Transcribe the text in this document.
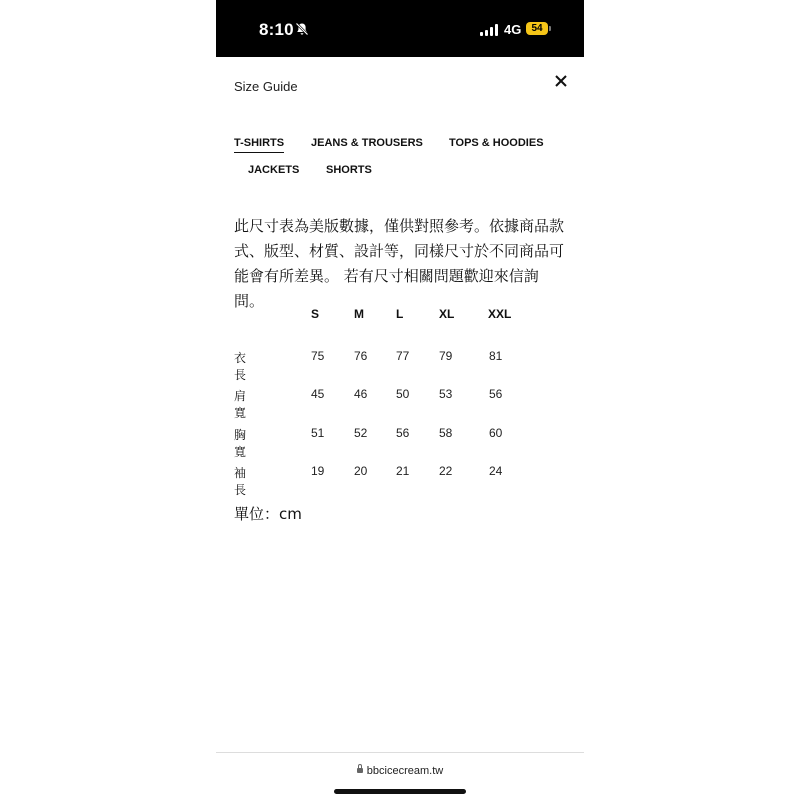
8:10	4G	54
Size Guide
T-SHIRTS JEANS & TROUSERS TOPS & HOODIES
JACKETS SHORTS
此尺寸表為美版數據，僅供對照參考。依據商品款式、版型、材質、設計等，同樣尺寸於不同商品可能會有所差異。 若有尺寸相關問題歡迎來信詢問。
S	M	L	XL	XXL
衣長
75 76 77 79	81
肩寬
45 46 50 53	56
胸寬
51 52 56 58	60
袖長
19 20 21 22	24
單位：cm
bbcicecream.tw
